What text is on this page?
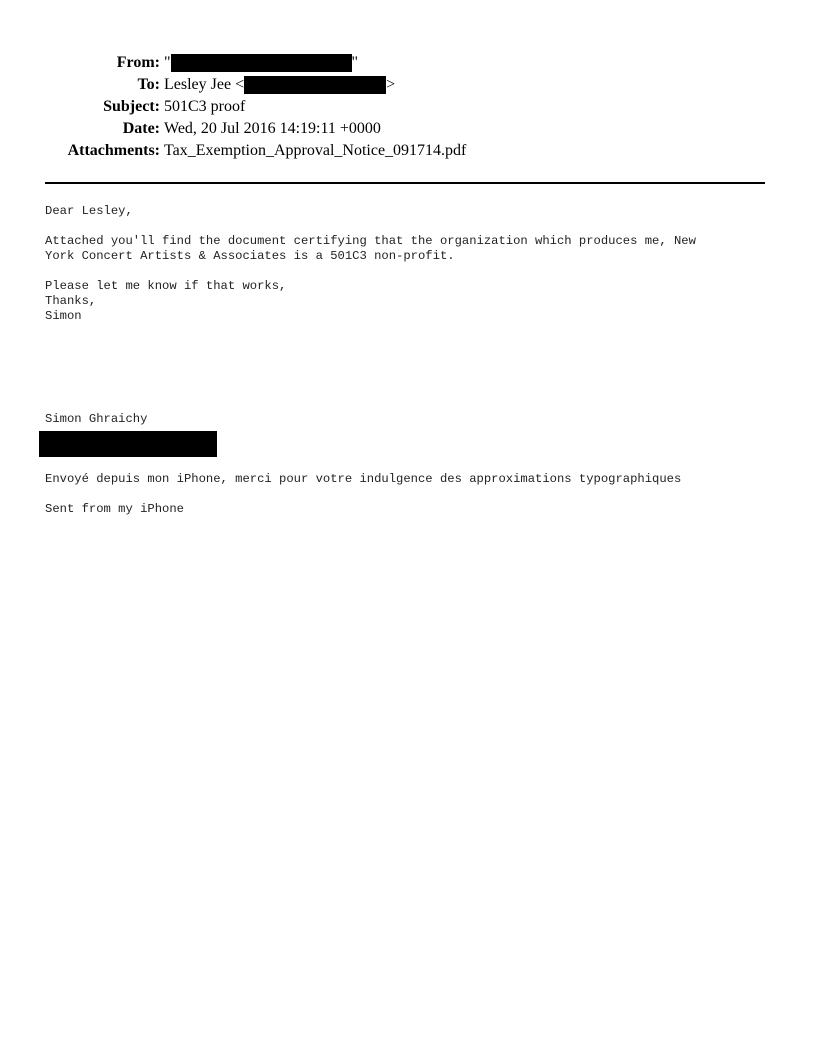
From: "	"
To: Lesley Jee <	>
Subject: 501C3 proof
Date: Wed, 20 Jul 2016 14:19:11 +0000
Attachments: Tax_Exemption_Approval_Notice_091714.pdf
Dear Lesley,
Attached you'll find the document certifying that the organization which produces me, New
York Concert Artists & Associates is a 501C3 non-profit.
Please let me know if that works,
Thanks,
Simon
Simon Ghraichy
Envoyé depuis mon iPhone, merci pour votre indulgence des approximations typographiques
Sent from my iPhone
